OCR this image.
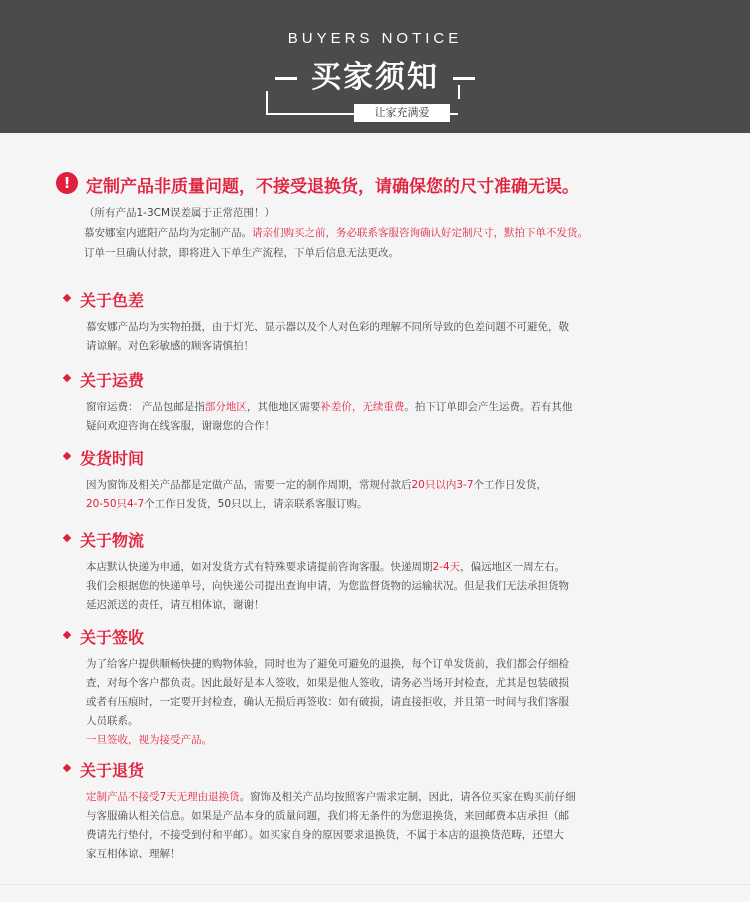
BUYERS NOTICE
买家须知
让家充满爱
! 定制产品非质量问题，不接受退换货，请确保您的尺寸准确无误。
（所有产品1-3CM误差属于正常范围！）
慕安娜室内遮阳产品均为定制产品。请亲们购买之前，务必联系客服咨询确认好定制尺寸，默拍下单不发货。
订单一旦确认付款，即将进入下单生产流程，下单后信息无法更改。
关于色差
慕安娜产品均为实物拍摄，由于灯光、显示器以及个人对色彩的理解不同所导致的色差问题不可避免，敬
请谅解。对色彩敏感的顾客请慎拍！
关于运费
窗帘运费： 产品包邮是指部分地区，其他地区需要补差价，无续重费。拍下订单即会产生运费。若有其他
疑问欢迎咨询在线客服，谢谢您的合作！
发货时间
因为窗饰及相关产品都是定做产品，需要一定的制作周期，常规付款后20只以内3-7个工作日发货，
20-50只4-7个工作日发货，50只以上，请亲联系客服订购。
关于物流
本店默认快递为申通，如对发货方式有特殊要求请提前咨询客服。快递周期2-4天，偏远地区一周左右。
我们会根据您的快递单号，向快递公司提出查询申请，为您监督货物的运输状况。但是我们无法承担货物
延迟派送的责任，请互相体谅，谢谢！
关于签收
为了给客户提供顺畅快捷的购物体验，同时也为了避免可避免的退换，每个订单发货前，我们都会仔细检
查，对每个客户都负责。因此最好是本人签收，如果是他人签收，请务必当场开封检查，尤其是包装破损
或者有压痕时，一定要开封检查，确认无损后再签收：如有破损，请直接拒收，并且第一时间与我们客服
人员联系。
一旦签收，视为接受产品。
关于退货
定制产品不接受7天无理由退换货。窗饰及相关产品均按照客户需求定制，因此，请各位买家在购买前仔细
与客服确认相关信息。如果是产品本身的质量问题，我们将无条件的为您退换货，来回邮费本店承担（邮
费请先行垫付，不接受到付和平邮）。如买家自身的原因要求退换货，不属于本店的退换货范畴，还望大
家互相体谅、理解！
